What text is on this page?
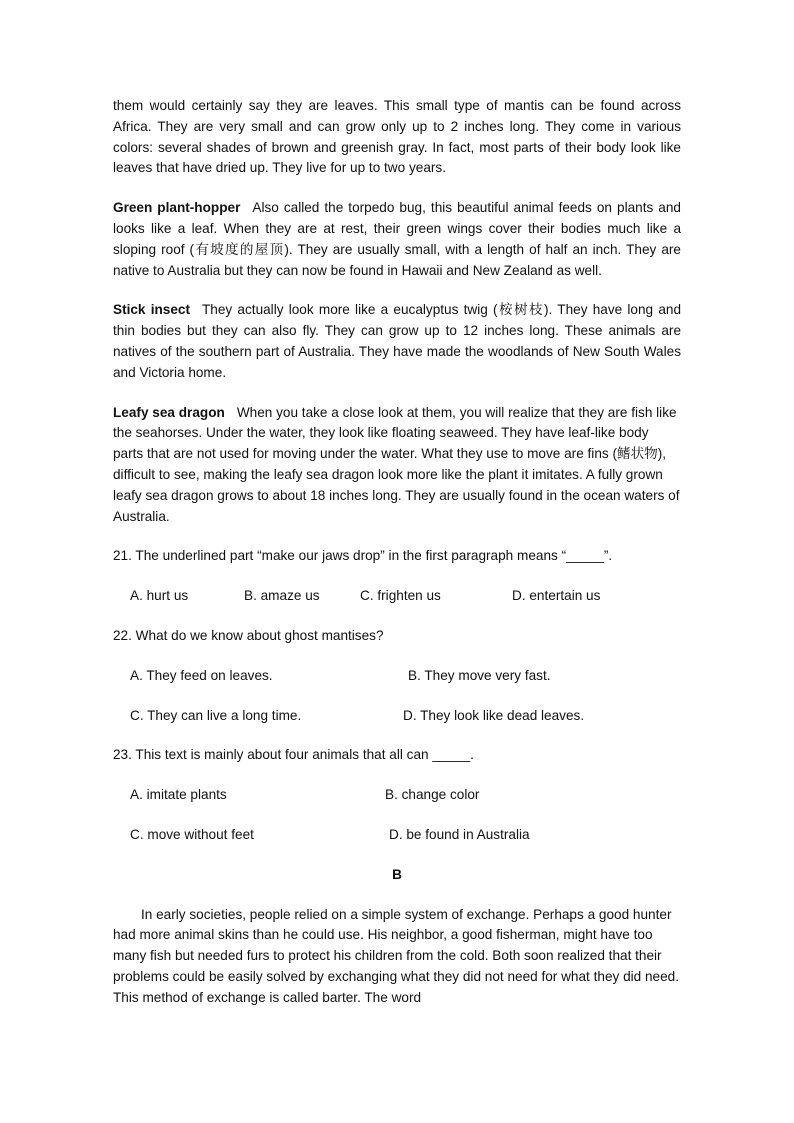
them would certainly say they are leaves. This small type of mantis can be found across Africa. They are very small and can grow only up to 2 inches long. They come in various colors: several shades of brown and greenish gray. In fact, most parts of their body look like leaves that have dried up. They live for up to two years.

Green plant-hopper Also called the torpedo bug, this beautiful animal feeds on plants and looks like a leaf. When they are at rest, their green wings cover their bodies much like a sloping roof (有坡度的屋顶). They are usually small, with a length of half an inch. They are native to Australia but they can now be found in Hawaii and New Zealand as well.

Stick insect They actually look more like a eucalyptus twig (桉树枝). They have long and thin bodies but they can also fly. They can grow up to 12 inches long. These animals are natives of the southern part of Australia. They have made the woodlands of New South Wales and Victoria home.

Leafy sea dragon When you take a close look at them, you will realize that they are fish like the seahorses. Under the water, they look like floating seaweed. They have leaf-like body parts that are not used for moving under the water. What they use to move are fins (鳍状物), difficult to see, making the leafy sea dragon look more like the plant it imitates. A fully grown leafy sea dragon grows to about 18 inches long. They are usually found in the ocean waters of Australia.

21. The underlined part “make our jaws drop” in the first paragraph means “_____”.

A. hurt us	B. amaze us	C. frighten us	D. entertain us

22. What do we know about ghost mantises?

A. They feed on leaves.	B. They move very fast.
C. They can live a long time.	D. They look like dead leaves.

23. This text is mainly about four animals that all can _____.

A. imitate plants	B. change color
C. move without feet	D. be found in Australia

B

In early societies, people relied on a simple system of exchange. Perhaps a good hunter had more animal skins than he could use. His neighbor, a good fisherman, might have too many fish but needed furs to protect his children from the cold. Both soon realized that their problems could be easily solved by exchanging what they did not need for what they did need. This method of exchange is called barter. The word
